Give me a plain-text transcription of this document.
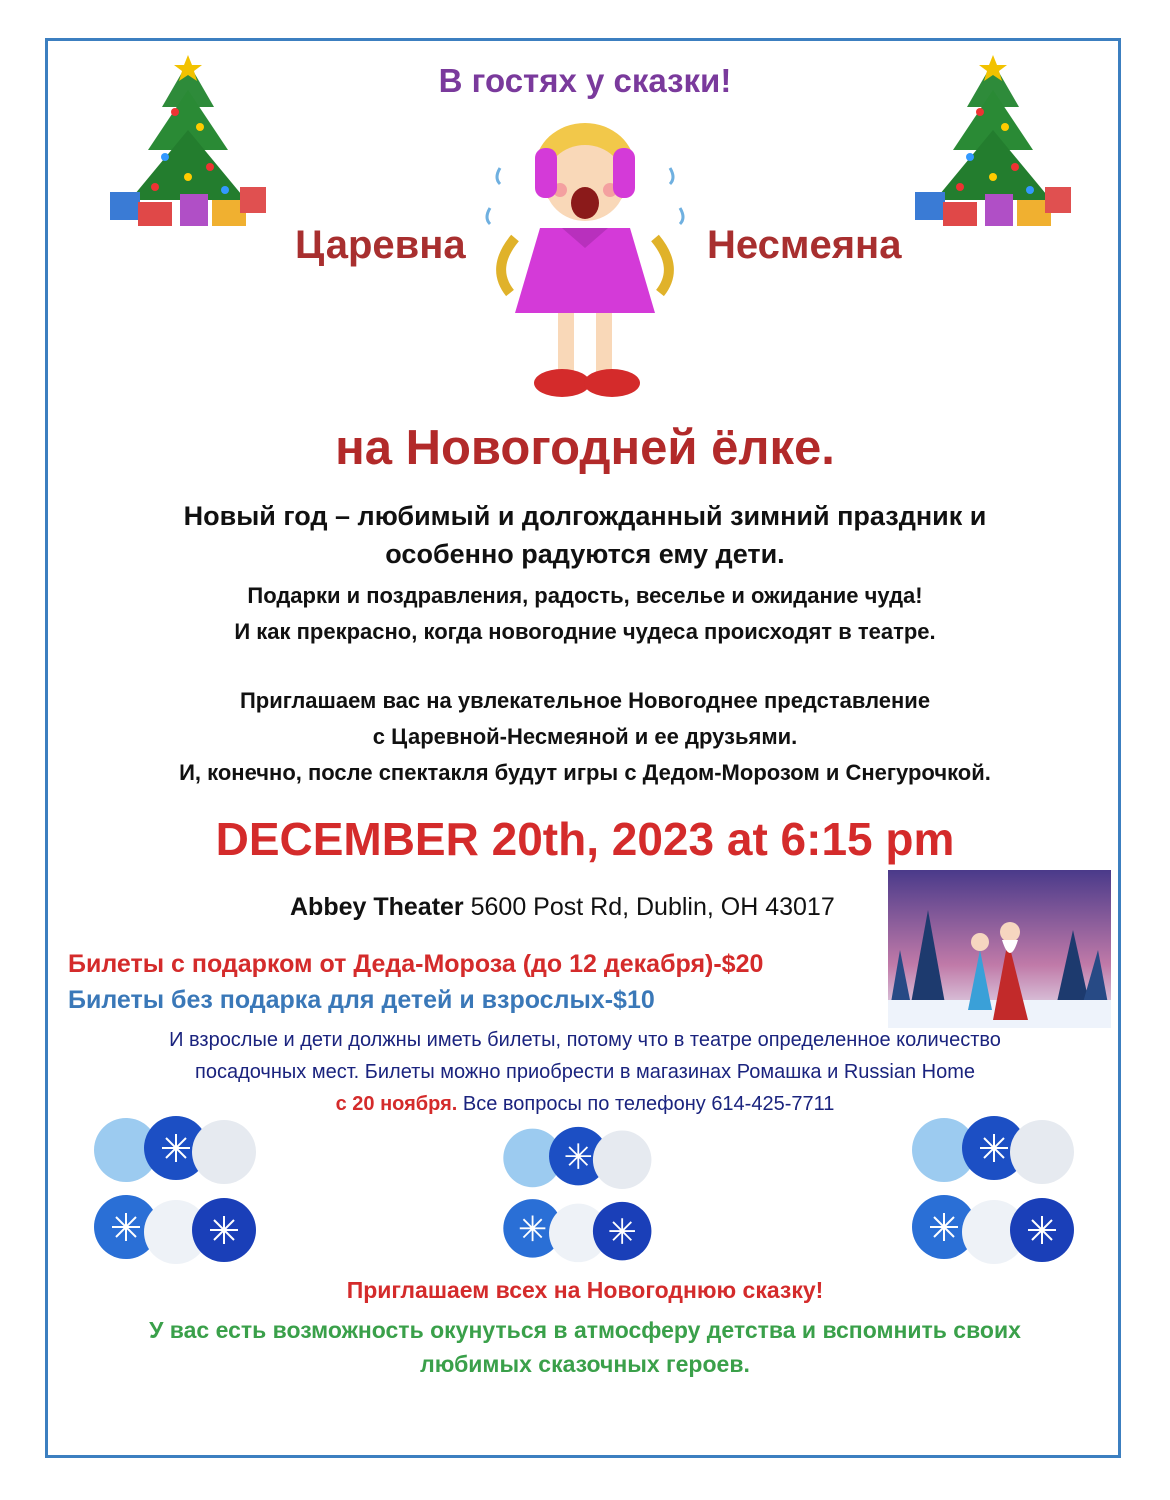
В гостях у сказки!
Царевна	Несмеяна
на Новогодней ёлке.
Новый год – любимый и долгожданный зимний праздник и
особенно радуются ему дети.
Подарки и поздравления, радость, веселье и ожидание чуда!
И как прекрасно, когда новогодние чудеса происходят в театре.
Приглашаем вас на увлекательное Новогоднее представление
с Царевной-Несмеяной и ее друзьями.
И, конечно, после спектакля будут игры с Дедом-Морозом и Снегурочкой.
DECEMBER 20th, 2023 at 6:15 pm
Abbey Theater 5600 Post Rd, Dublin, OH 43017
Билеты с подарком от Деда-Мороза (до 12 декабря)-$20
Билеты без подарка для детей и взрослых-$10
И взрослые и дети должны иметь билеты, потому что в театре определенное количество
посадочных мест. Билеты можно приобрести в магазинах Ромашка и Russian Home
с 20 ноября. Все вопросы по телефону 614-425-7711
Приглашаем всех на Новогоднюю сказку!
У вас есть возможность окунуться в атмосферу детства и вспомнить своих
любимых сказочных героев.
